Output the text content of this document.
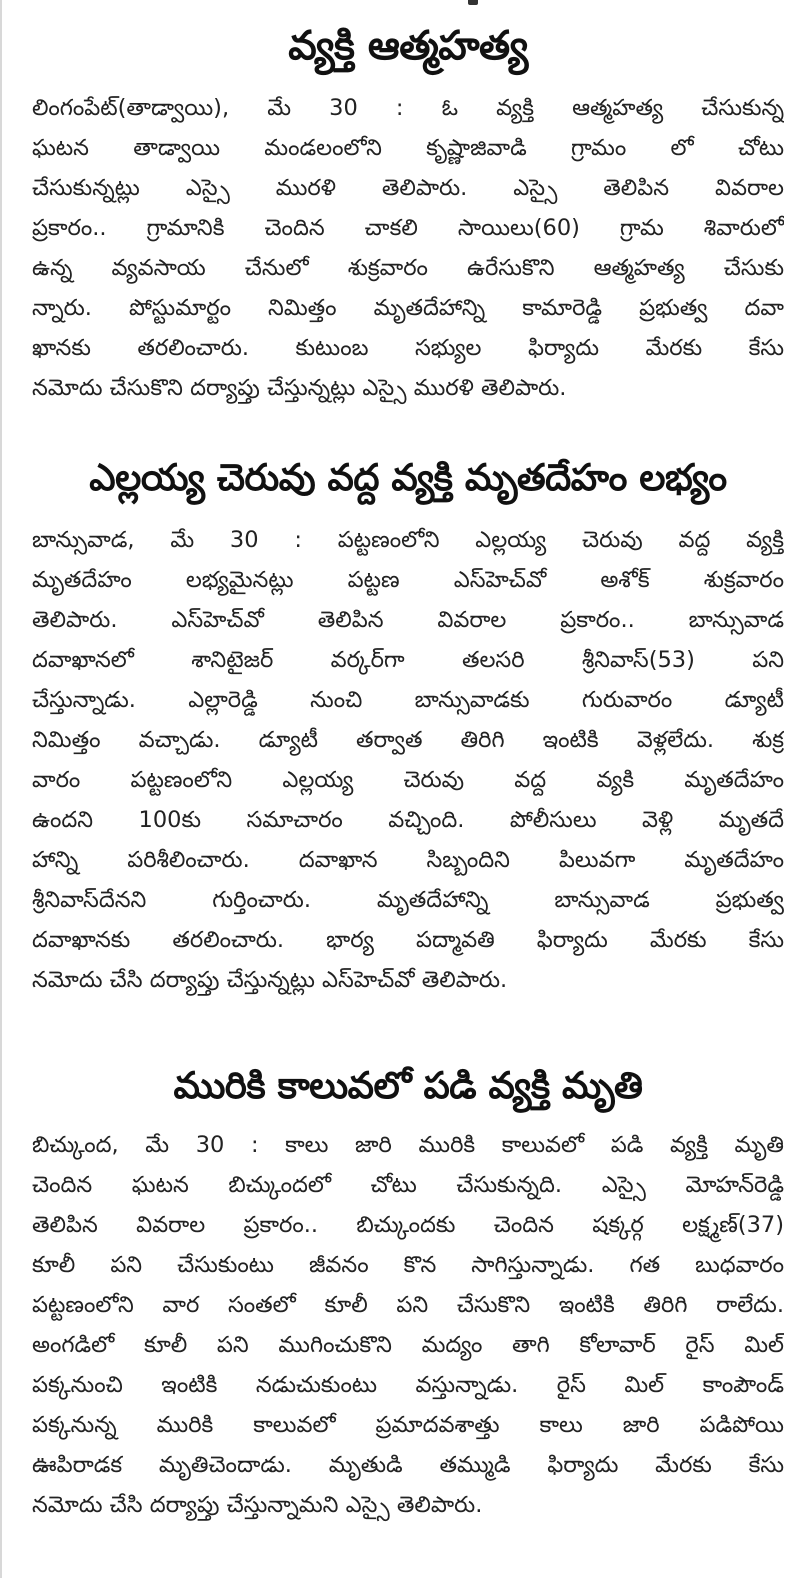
వ్యక్తి ఆత్మహత్య
లింగంపేట్(తాడ్వాయి), మే 30 : ఓ వ్యక్తి ఆత్మహత్య చేసుకున్న
ఘటన తాడ్వాయి మండలంలోని కృష్ణాజివాడి గ్రామం లో చోటు
చేసుకున్నట్లు ఎస్సై మురళి తెలిపారు. ఎస్సై తెలిపిన వివరాల
ప్రకారం.. గ్రామానికి చెందిన చాకలి సాయిలు(60) గ్రామ శివారులో
ఉన్న వ్యవసాయ చేనులో శుక్రవారం ఉరేసుకొని ఆత్మహత్య చేసుకు
న్నారు. పోస్టుమార్టం నిమిత్తం మృతదేహాన్ని కామారెడ్డి ప్రభుత్వ దవా
ఖానకు తరలించారు. కుటుంబ సభ్యుల ఫిర్యాదు మేరకు కేసు
నమోదు చేసుకొని దర్యాప్తు చేస్తున్నట్లు ఎస్సై మురళి తెలిపారు.
ఎల్లయ్య చెరువు వద్ద వ్యక్తి మృతదేహం లభ్యం
బాన్సువాడ, మే 30 : పట్టణంలోని ఎల్లయ్య చెరువు వద్ద వ్యక్తి
మృతదేహం లభ్యమైనట్లు పట్టణ ఎస్‌హెచ్‌వో అశోక్ శుక్రవారం
తెలిపారు. ఎస్‌హెచ్‌వో తెలిపిన వివరాల ప్రకారం.. బాన్సువాడ
దవాఖానలో శానిటైజర్ వర్కర్‌గా తలసరి శ్రీనివాస్(53) పని
చేస్తున్నాడు. ఎల్లారెడ్డి నుంచి బాన్సువాడకు గురువారం డ్యూటీ
నిమిత్తం వచ్చాడు. డ్యూటీ తర్వాత తిరిగి ఇంటికి వెళ్లలేదు. శుక్ర
వారం పట్టణంలోని ఎల్లయ్య చెరువు వద్ద వ్యకి మృతదేహం
ఉందని 100కు సమాచారం వచ్చింది. పోలీసులు వెళ్లి మృతదే
హాన్ని పరిశీలించారు. దవాఖాన సిబ్బందిని పిలువగా మృతదేహం
శ్రీనివాస్‌దేనని గుర్తించారు. మృతదేహాన్ని బాన్సువాడ ప్రభుత్వ
దవాఖానకు తరలించారు. భార్య పద్మావతి ఫిర్యాదు మేరకు కేసు
నమోదు చేసి దర్యాప్తు చేస్తున్నట్లు ఎస్‌హెచ్‌వో తెలిపారు.
మురికి కాలువలో పడి వ్యక్తి మృతి
బిచ్కుంద, మే 30 : కాలు జారి మురికి కాలువలో పడి వ్యక్తి మృతి
చెందిన ఘటన బిచ్కుందలో చోటు చేసుకున్నది. ఎస్సై మోహన్‌రెడ్డి
తెలిపిన వివరాల ప్రకారం.. బిచ్కుందకు చెందిన షక్కర్గ లక్ష్మణ్(37)
కూలీ పని చేసుకుంటు జీవనం కొన సాగిస్తున్నాడు. గత బుధవారం
పట్టణంలోని వార సంతలో కూలీ పని చేసుకొని ఇంటికి తిరిగి రాలేదు.
అంగడిలో కూలీ పని ముగించుకొని మద్యం తాగి కోలావార్ రైస్ మిల్
పక్కనుంచి ఇంటికి నడుచుకుంటు వస్తున్నాడు. రైస్ మిల్ కాంపౌండ్
పక్కనున్న మురికి కాలువలో ప్రమాదవశాత్తు కాలు జారి పడిపోయి
ఊపిరాడక మృతిచెందాడు. మృతుడి తమ్ముడి ఫిర్యాదు మేరకు కేసు
నమోదు చేసి దర్యాప్తు చేస్తున్నామని ఎస్సై తెలిపారు.
